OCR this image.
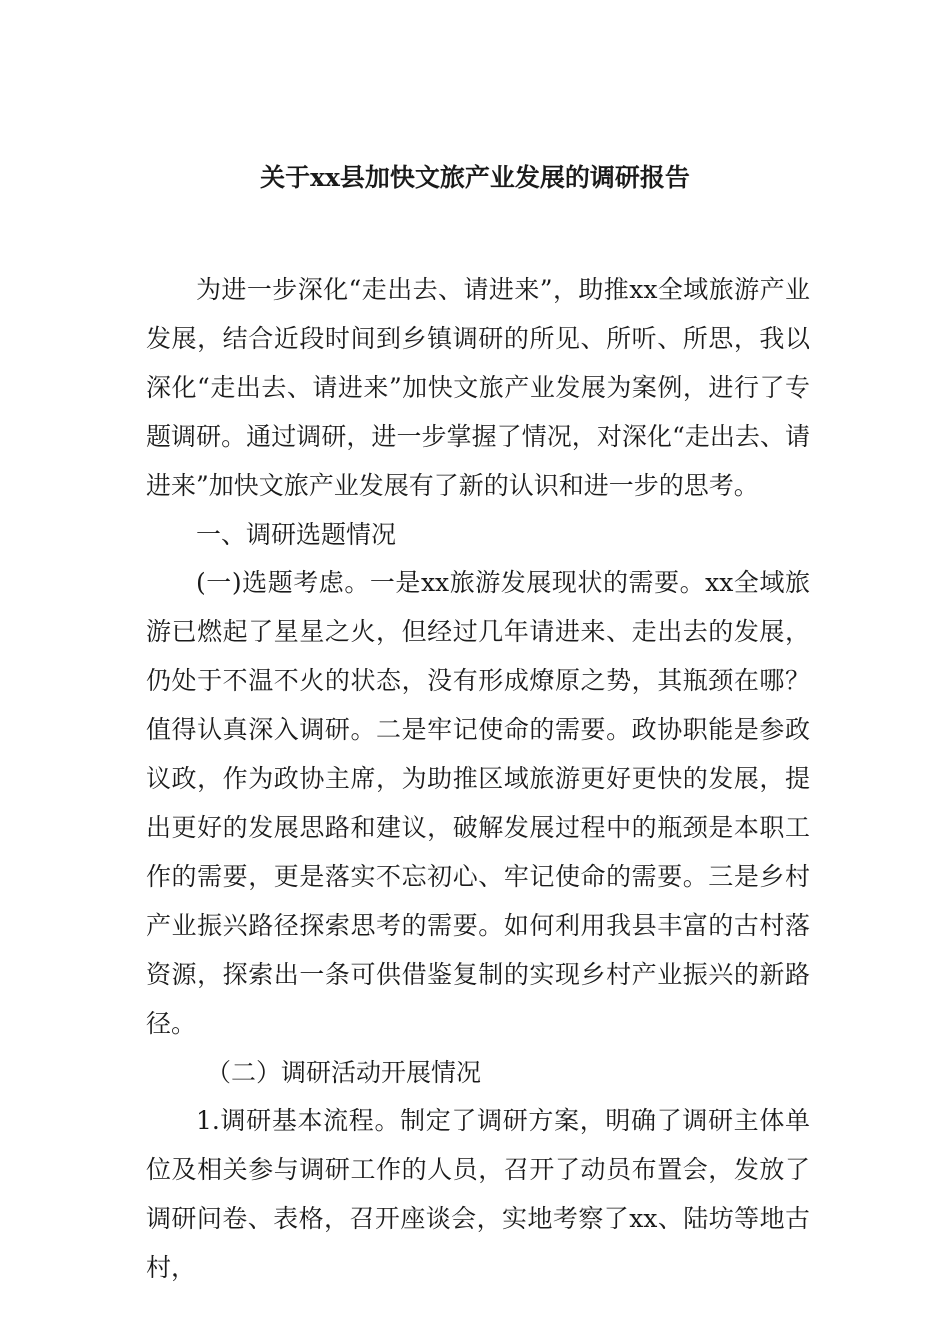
关于xx县加快文旅产业发展的调研报告

为进一步深化“走出去、请进来”，助推xx全域旅游产业发展，结合近段时间到乡镇调研的所见、所听、所思，我以深化“走出去、请进来”加快文旅产业发展为案例，进行了专题调研。通过调研，进一步掌握了情况，对深化“走出去、请进来”加快文旅产业发展有了新的认识和进一步的思考。

一、调研选题情况

(一)选题考虑。一是xx旅游发展现状的需要。xx全域旅游已燃起了星星之火，但经过几年请进来、走出去的发展，仍处于不温不火的状态，没有形成燎原之势，其瓶颈在哪？值得认真深入调研。二是牢记使命的需要。政协职能是参政议政，作为政协主席，为助推区域旅游更好更快的发展，提出更好的发展思路和建议，破解发展过程中的瓶颈是本职工作的需要，更是落实不忘初心、牢记使命的需要。三是乡村产业振兴路径探索思考的需要。如何利用我县丰富的古村落资源，探索出一条可供借鉴复制的实现乡村产业振兴的新路径。

（二）调研活动开展情况

1.调研基本流程。制定了调研方案，明确了调研主体单位及相关参与调研工作的人员，召开了动员布置会，发放了调研问卷、表格，召开座谈会，实地考察了xx、陆坊等地古村，
